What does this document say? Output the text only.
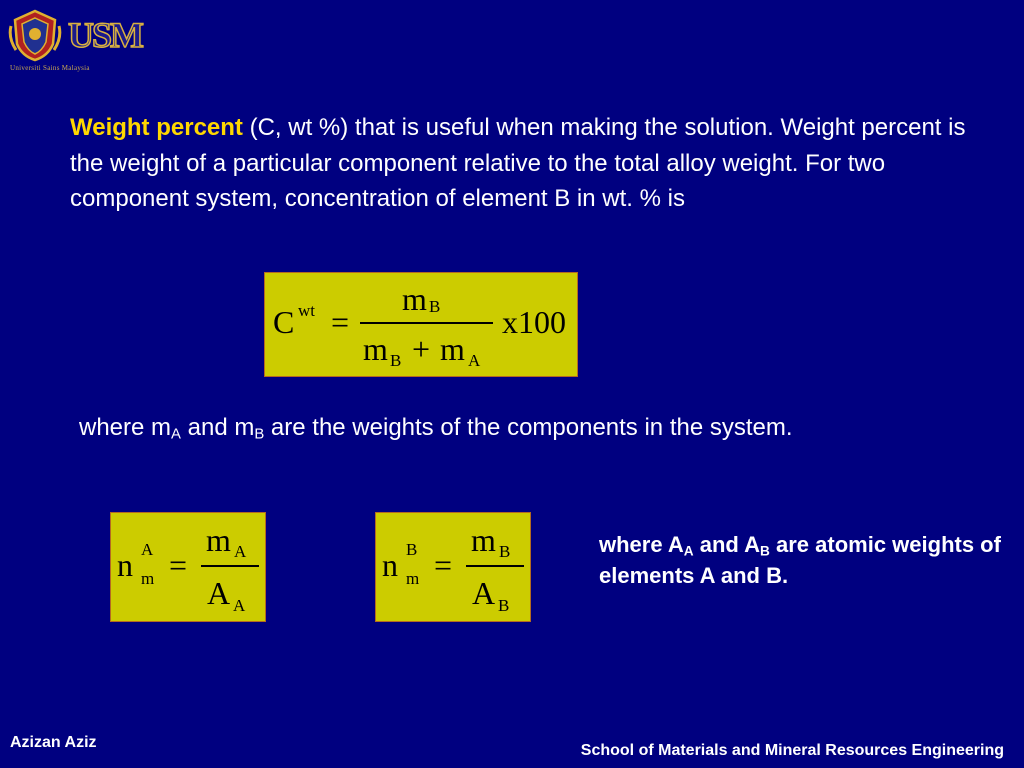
USM
Universiti Sains Malaysia
Weight percent (C, wt %) that is useful when making the solution. Weight percent is the weight of a particular component relative to the total alloy weight. For two component system, concentration of element B in wt. % is
C wt =
m B
m B + m A
x100
where $m_A$ and $m_B$ are the weights of the components in the system.
n A
m =
m A
A A
n B
m =
m B
A B
where $A_A$ and $A_B$ are atomic weights of elements A and B.
Azizan Aziz	School of Materials and Mineral Resources Engineering
